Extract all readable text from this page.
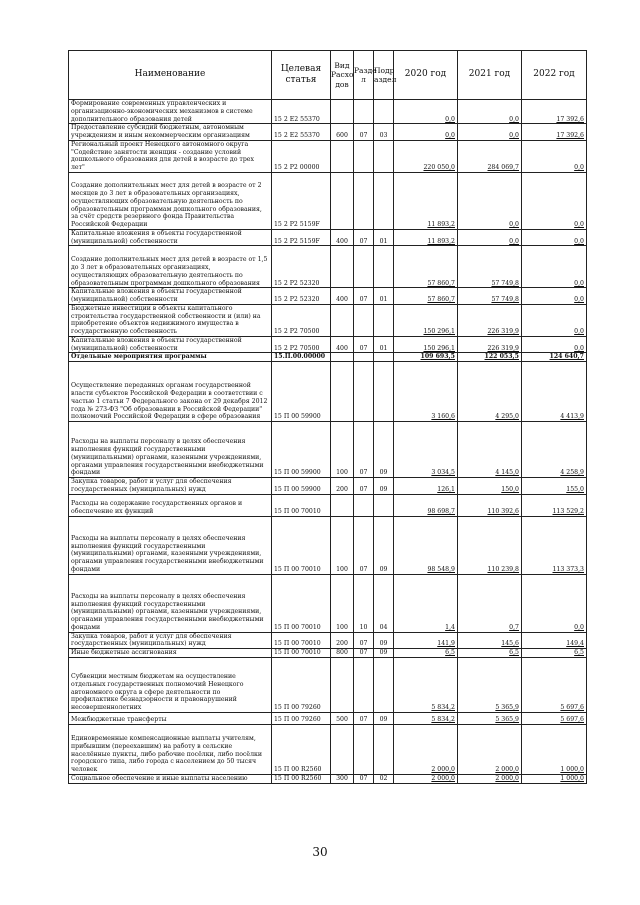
Наименование	Целевая статья	Вид Расхо дов	Разде л	Подр аздел	2020 год	2021 год	2022 год
Формирование современных управленческих и организационно-экономических механизмов в системе дополнительного образования детей	15 2 E2 55370				0,0	0,0	17 392,6
Предоставление субсидий бюджетным, автономным учреждениям и иным некоммерческим организациям	15 2 E2 55370	600	07	03	0,0	0,0	17 392,6
Региональный проект Ненецкого автономного округа "Содействие занятости женщин - создание условий дошкольного образования для детей в возрасте до трех лет"	15 2 P2 00000				220 050,0	284 069,7	0,0
Создание дополнительных мест для детей в возрасте от 2 месяцев до 3 лет в образовательных организациях, осуществляющих образовательную деятельность по образовательным программам дошкольного образования, за счёт средств резервного фонда Правительства Российской Федерации	15 2 P2 5159F				11 893,2	0,0	0,0
Капитальные вложения в объекты государственной (муниципальной) собственности	15 2 P2 5159F	400	07	01	11 893,2	0,0	0,0
Создание дополнительных мест для детей в возрасте от 1,5 до 3 лет в образовательных организациях, осуществляющих образовательную деятельность по образовательным программам дошкольного образования	15 2 P2 52320				57 860,7	57 749,8	0,0
Капитальные вложения в объекты государственной (муниципальной) собственности	15 2 P2 52320	400	07	01	57 860,7	57 749,8	0,0
Бюджетные инвестиции в объекты капитального строительства государственной собственности и (или) на приобретение объектов недвижимого имущества в государственную собственность	15 2 P2 70500				150 296,1	226 319,9	0,0
Капитальные вложения в объекты государственной (муниципальной) собственности	15 2 P2 70500	400	07	01	150 296,1	226 319,9	0,0
Отдельные мероприятия программы	15.П.00.00000				109 693,5	122 053,5	124 640,7
Осуществление переданных органам государственной власти субъектов Российской Федерации в соответствии с частью 1 статьи 7 Федерального закона от 29 декабря 2012 года № 273-ФЗ "Об образовании в Российской Федерации" полномочий Российской Федерации в сфере образования	15 П 00 59900				3 160,6	4 295,0	4 413,9
Расходы на выплаты персоналу в целях обеспечения выполнения функций государственными (муниципальными) органами, казенными учреждениями, органами управления государственными внебюджетными фондами	15 П 00 59900	100	07	09	3 034,5	4 145,0	4 258,9
Закупка товаров, работ и услуг для обеспечения государственных (муниципальных) нужд	15 П 00 59900	200	07	09	126,1	150,0	155,0
Расходы на содержание государственных органов и обеспечение их функций	15 П 00 70010				98 698,7	110 392,6	113 529,2
Расходы на выплаты персоналу в целях обеспечения выполнения функций государственными (муниципальными) органами, казенными учреждениями, органами управления государственными внебюджетными фондами	15 П 00 70010	100	07	09	98 548,9	110 239,8	113 373,3
Расходы на выплаты персоналу в целях обеспечения выполнения функций государственными (муниципальными) органами, казенными учреждениями, органами управления государственными внебюджетными фондами	15 П 00 70010	100	10	04	1,4	0,7	0,0
Закупка товаров, работ и услуг для обеспечения государственных (муниципальных) нужд	15 П 00 70010	200	07	09	141,9	145,6	149,4
Иные бюджетные ассигнования	15 П 00 70010	800	07	09	6,5	6,5	6,5
Субвенции местным бюджетам на осуществление отдельных государственных полномочий Ненецкого автономного округа в сфере деятельности по профилактике безнадзорности и правонарушений несовершеннолетних	15 П 00 79260				5 834,2	5 365,9	5 697,6
Межбюджетные трансферты	15 П 00 79260	500	07	09	5 834,2	5 365,9	5 697,6
Единовременные компенсационные выплаты учителям, прибывшим (переехавшим) на работу в сельские населённые пункты, либо рабочие посёлки, либо посёлки городского типа, либо города с населением до 50 тысяч человек	15 П 00 R2560				2 000,0	2 000,0	1 000,0
Социальное обеспечение и иные выплаты населению	15 П 00 R2560	300	07	02	2 000,0	2 000,0	1 000,0
30
